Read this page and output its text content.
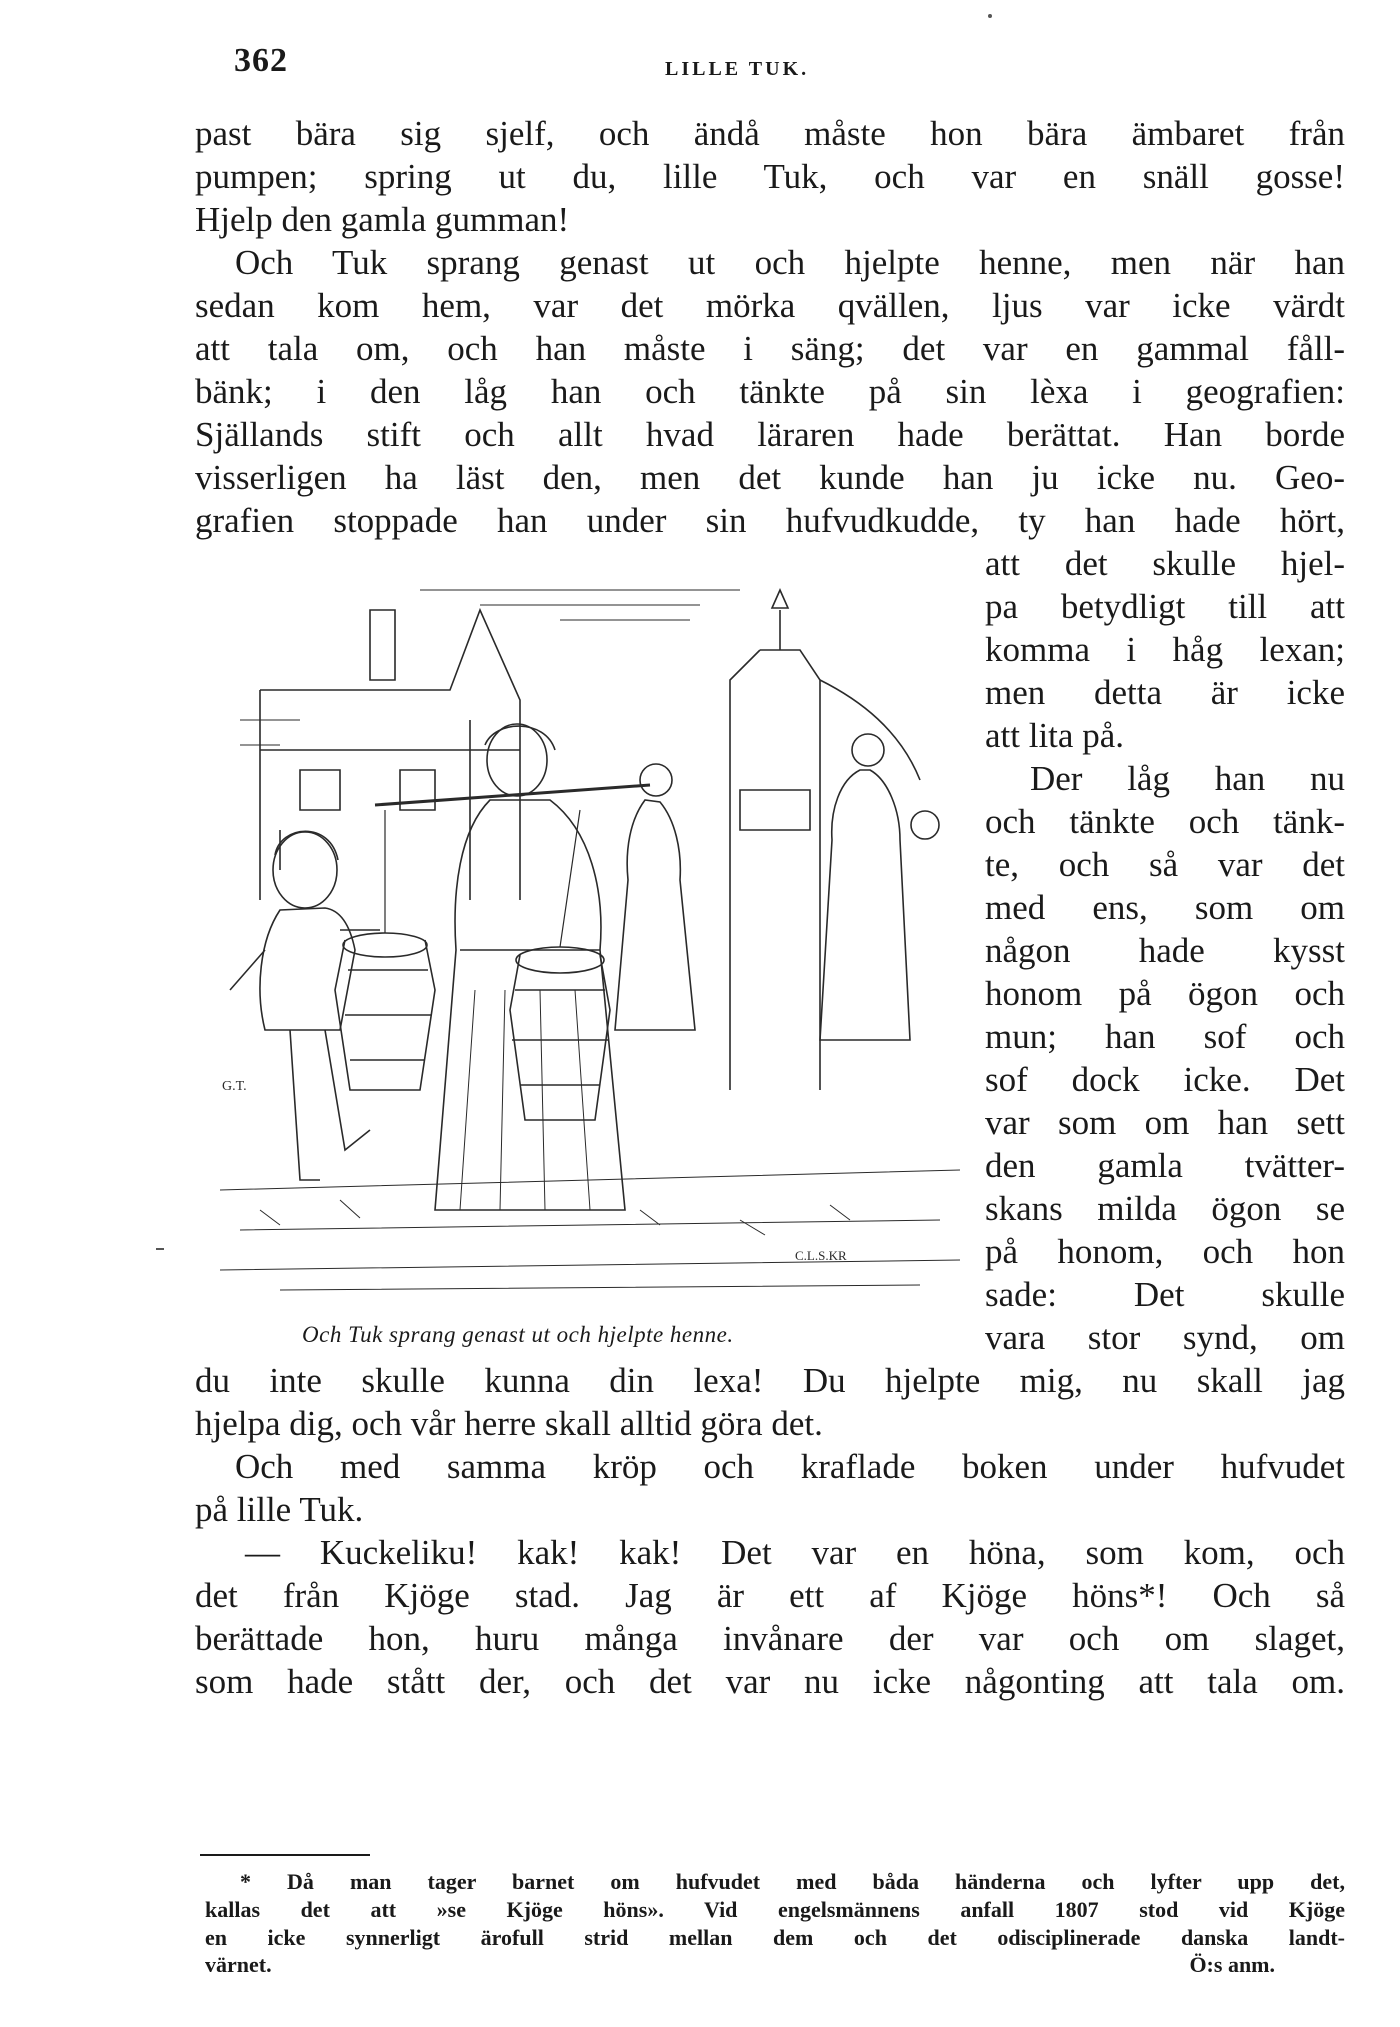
362	LILLE TUK.
past bära sig sjelf, och ändå måste hon bära ämbaret från
pumpen; spring ut du, lille Tuk, och var en snäll gosse!
Hjelp den gamla gumman!
Och Tuk sprang genast ut och hjelpte henne, men när han
sedan kom hem, var det mörka qvällen, ljus var icke värdt
att tala om, och han måste i säng; det var en gammal fåll-
bänk; i den låg han och tänkte på sin lèxa i geografien:
Själlands stift och allt hvad läraren hade berättat. Han borde
visserligen ha läst den, men det kunde han ju icke nu. Geo-
grafien stoppade han under sin hufvudkudde, ty han hade hört,
att det skulle hjel-
pa betydligt till att
komma i håg lexan;
men detta är icke
att lita på.
Der låg han nu
och tänkte och tänk-
te, och så var det
med ens, som om
någon hade kysst
honom på ögon och
mun; han sof och
sof dock icke. Det
var som om han sett
den gamla tvätter-
skans milda ögon se
på honom, och hon
sade: Det skulle
vara stor synd, om
G.T.
C.L.S.KR
Och Tuk sprang genast ut och hjelpte henne.
du inte skulle kunna din lexa! Du hjelpte mig, nu skall jag
hjelpa dig, och vår herre skall alltid göra det.
Och med samma kröp och kraflade boken under hufvudet
på lille Tuk.
— Kuckeliku! kak! kak! Det var en höna, som kom, och
det från Kjöge stad. Jag är ett af Kjöge höns*! Och så
berättade hon, huru många invånare der var och om slaget,
som hade stått der, och det var nu icke någonting att tala om.
* Då man tager barnet om hufvudet med båda händerna och lyfter upp det,
kallas det att »se Kjöge höns». Vid engelsmännens anfall 1807 stod vid Kjöge
en icke synnerligt ärofull strid mellan dem och det odisciplinerade danska landt-
värnet.	Ö:s anm.
